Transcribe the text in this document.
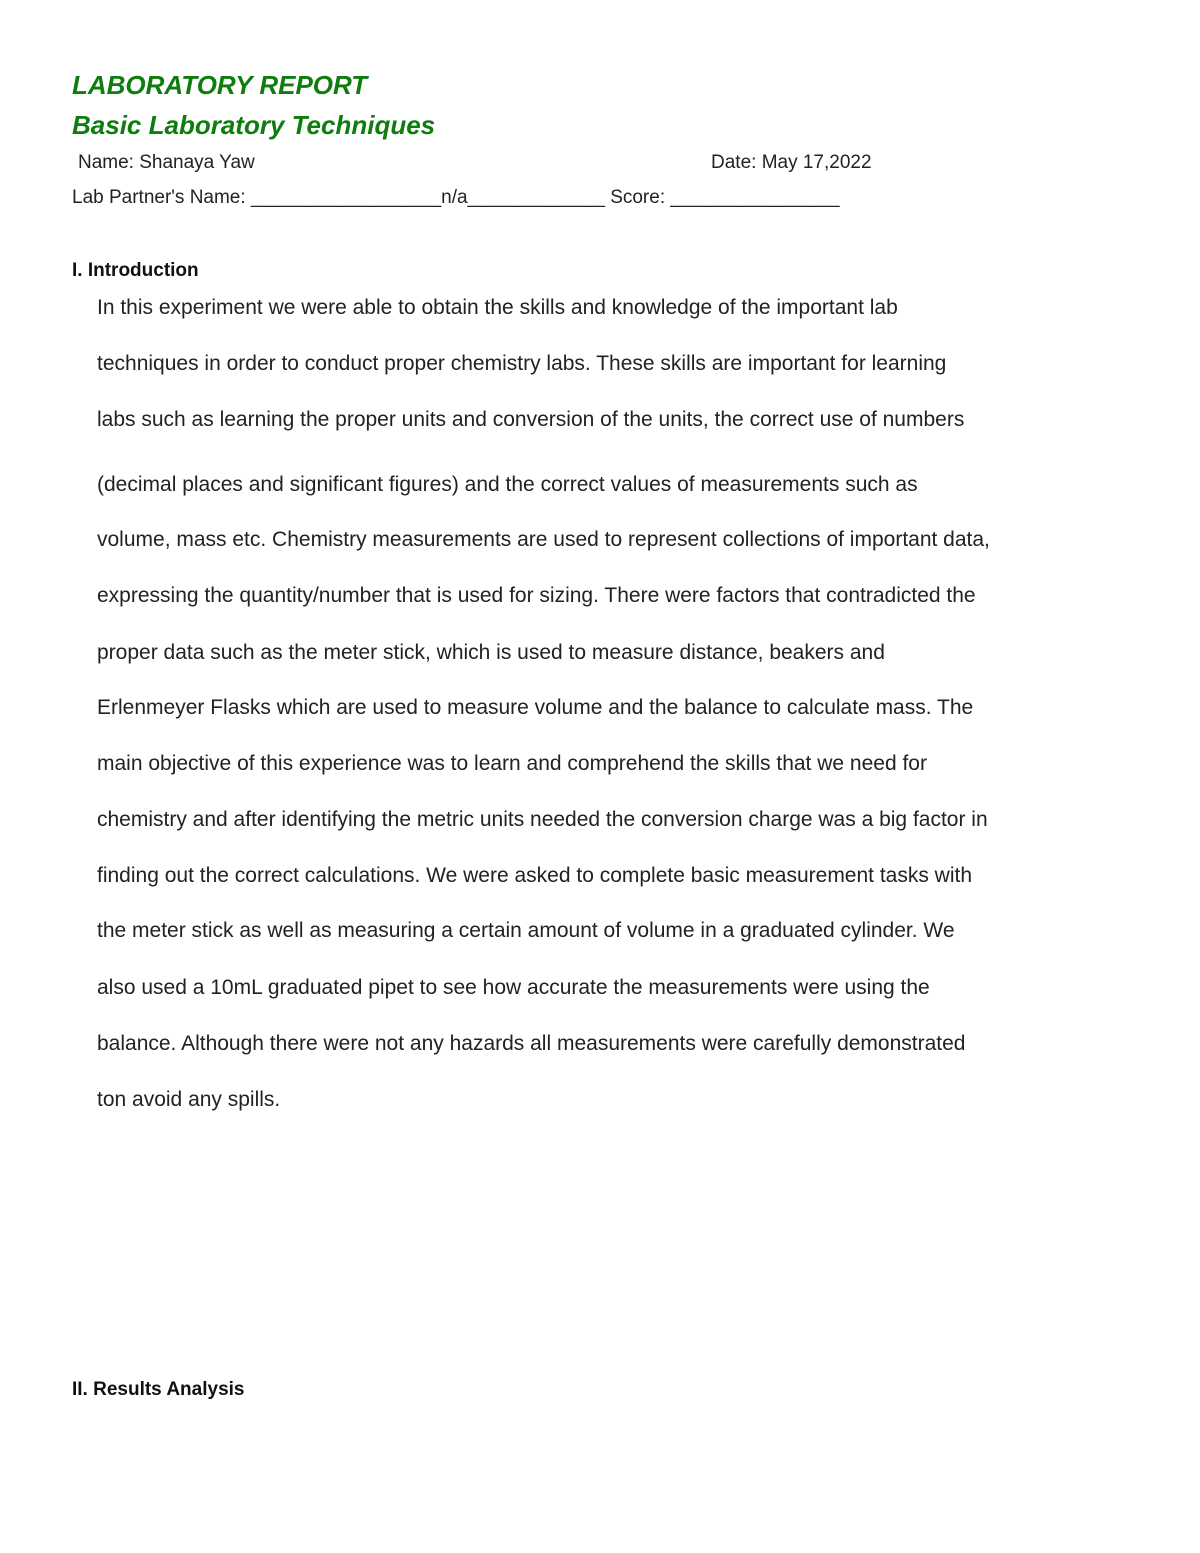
LABORATORY REPORT
Basic Laboratory Techniques
Name: Shanaya Yaw	Date: May 17,2022
Lab Partner's Name: __________________n/a_____________ Score: ________________
I. Introduction
In this experiment we were able to obtain the skills and knowledge of the important lab
techniques in order to conduct proper chemistry labs. These skills are important for learning
labs such as learning the proper units and conversion of the units, the correct use of numbers
(decimal places and significant figures) and the correct values of measurements such as
volume, mass etc. Chemistry measurements are used to represent collections of important data,
expressing the quantity/number that is used for sizing. There were factors that contradicted the
proper data such as the meter stick, which is used to measure distance, beakers and
Erlenmeyer Flasks which are used to measure volume and the balance to calculate mass. The
main objective of this experience was to learn and comprehend the skills that we need for
chemistry and after identifying the metric units needed the conversion charge was a big factor in
finding out the correct calculations. We were asked to complete basic measurement tasks with
the meter stick as well as measuring a certain amount of volume in a graduated cylinder. We
also used a 10mL graduated pipet to see how accurate the measurements were using the
balance. Although there were not any hazards all measurements were carefully demonstrated
ton avoid any spills.
II. Results Analysis
